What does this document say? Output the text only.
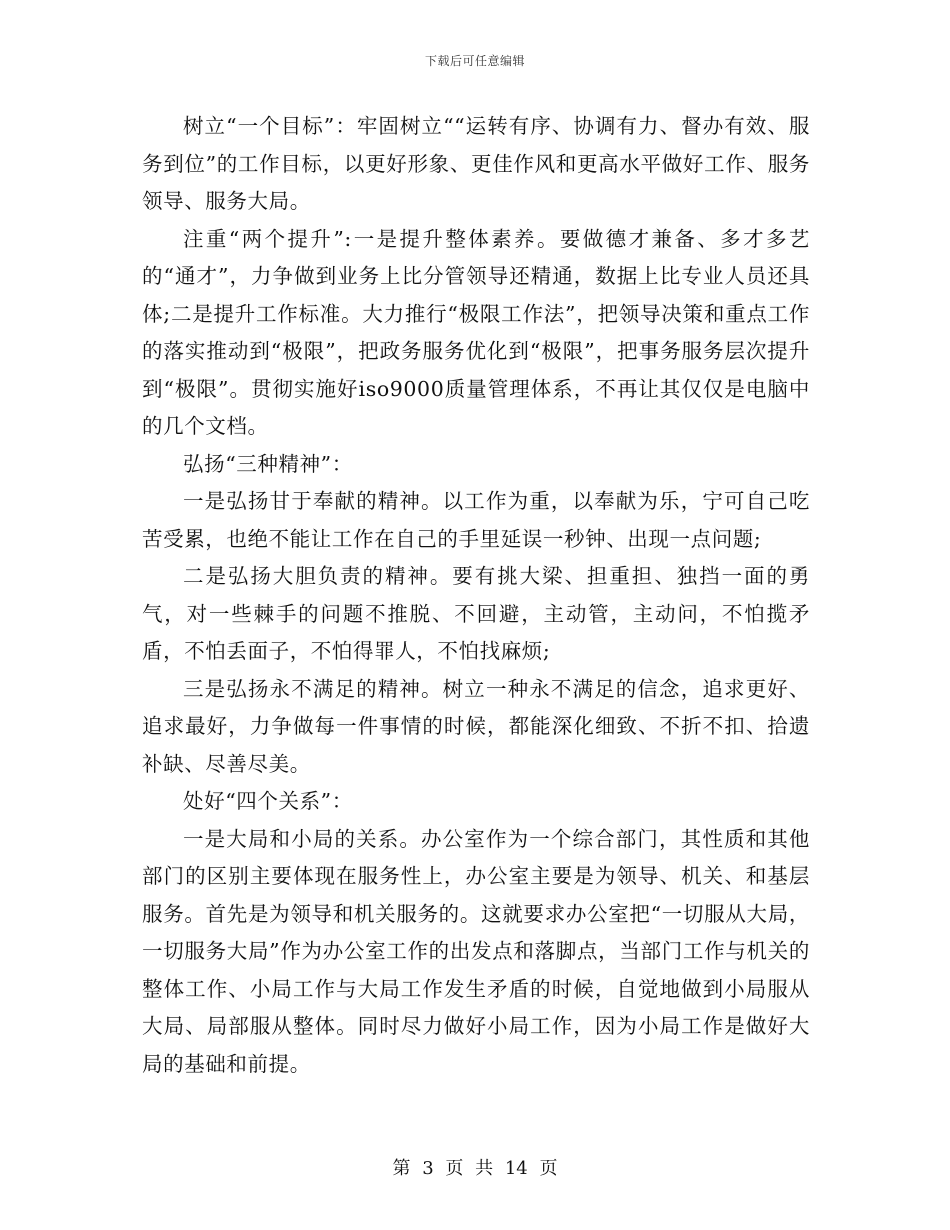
下载后可任意编辑

树立“一个目标”：牢固树立““运转有序、协调有力、督办有效、服务到位”的工作目标，以更好形象、更佳作风和更高水平做好工作、服务领导、服务大局。

注重“两个提升”:一是提升整体素养。要做德才兼备、多才多艺的“通才”，力争做到业务上比分管领导还精通，数据上比专业人员还具体;二是提升工作标准。大力推行“极限工作法”，把领导决策和重点工作的落实推动到“极限”，把政务服务优化到“极限”，把事务服务层次提升到“极限”。贯彻实施好iso9000质量管理体系，不再让其仅仅是电脑中的几个文档。

弘扬“三种精神”：

一是弘扬甘于奉献的精神。以工作为重，以奉献为乐，宁可自己吃苦受累，也绝不能让工作在自己的手里延误一秒钟、出现一点问题;

二是弘扬大胆负责的精神。要有挑大梁、担重担、独挡一面的勇气，对一些棘手的问题不推脱、不回避，主动管，主动问，不怕揽矛盾，不怕丢面子，不怕得罪人，不怕找麻烦;

三是弘扬永不满足的精神。树立一种永不满足的信念，追求更好、追求最好，力争做每一件事情的时候，都能深化细致、不折不扣、拾遗补缺、尽善尽美。

处好“四个关系”：

一是大局和小局的关系。办公室作为一个综合部门，其性质和其他部门的区别主要体现在服务性上，办公室主要是为领导、机关、和基层服务。首先是为领导和机关服务的。这就要求办公室把“一切服从大局，一切服务大局”作为办公室工作的出发点和落脚点，当部门工作与机关的整体工作、小局工作与大局工作发生矛盾的时候，自觉地做到小局服从大局、局部服从整体。同时尽力做好小局工作，因为小局工作是做好大局的基础和前提。

第 3 页 共 14 页
